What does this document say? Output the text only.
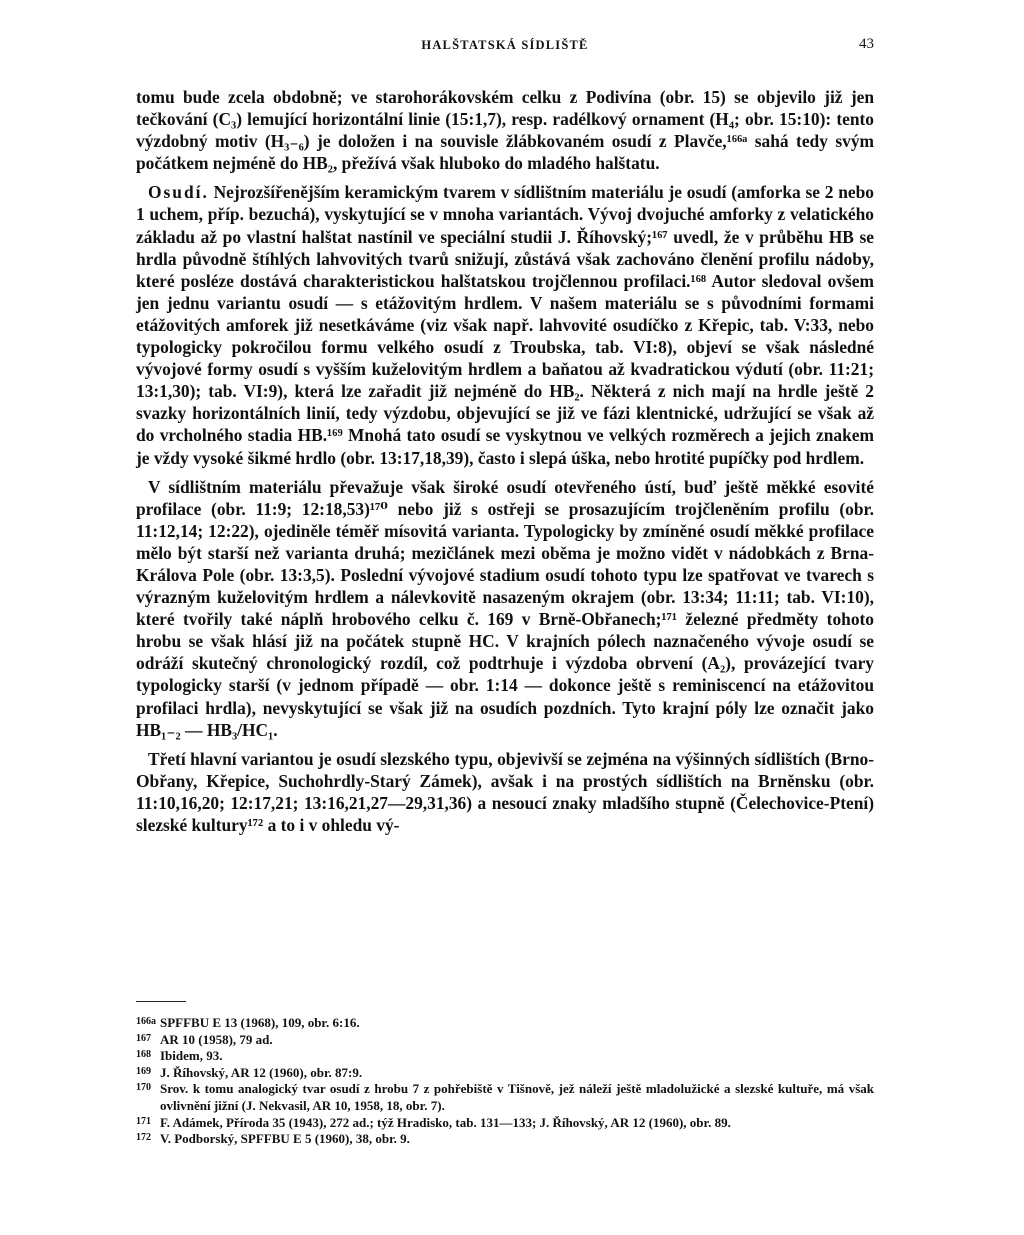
HALŠTATSKÁ SÍDLIŠTĚ	43

tomu bude zcela obdobně; ve starohorákovském celku z Podivína (obr. 15) se objevilo již jen tečkování (C₃) lemující horizontální linie (15:1,7), resp. radélkový ornament (H₄; obr. 15:10): tento výzdobný motiv (H₃₋₆) je doložen i na souvisle žlábkovaném osudí z Plavče,¹⁶⁶ᵃ sahá tedy svým počátkem nejméně do HB₂, přežívá však hluboko do mladého halštatu.

Osudí. Nejrozšířenějším keramickým tvarem v sídlištním materiálu je osudí (amforka se 2 nebo 1 uchem, příp. bezuchá), vyskytující se v mnoha variantách. Vývoj dvojuché amforky z velatického základu až po vlastní halštat nastínil ve speciální studii J. Říhovský;¹⁶⁷ uvedl, že v průběhu HB se hrdla původně štíhlých lahvovitých tvarů snižují, zůstává však zachováno členění profilu nádoby, které posléze dostává charakteristickou halštatskou trojčlennou profilaci.¹⁶⁸ Autor sledoval ovšem jen jednu variantu osudí — s etážovitým hrdlem. V našem materiálu se s původními formami etážovitých amforek již nesetkáváme (viz však např. lahvovité osudíčko z Křepic, tab. V:33, nebo typologicky pokročilou formu velkého osudí z Troubska, tab. VI:8), objeví se však následné vývojové formy osudí s vyšším kuželovitým hrdlem a baňatou až kvadratickou výdutí (obr. 11:21; 13:1,30); tab. VI:9), která lze zařadit již nejméně do HB₂. Některá z nich mají na hrdle ještě 2 svazky horizontálních linií, tedy výzdobu, objevující se již ve fázi klentnické, udržující se však až do vrcholného stadia HB.¹⁶⁹ Mnohá tato osudí se vyskytnou ve velkých rozměrech a jejich znakem je vždy vysoké šikmé hrdlo (obr. 13:17,18,39), často i slepá úška, nebo hrotité pupíčky pod hrdlem.

V sídlištním materiálu převažuje však široké osudí otevřeného ústí, buď ještě měkké esovité profilace (obr. 11:9; 12:18,53)¹⁷⁰ nebo již s ostřeji se prosazujícím trojčleněním profilu (obr. 11:12,14; 12:22), ojediněle téměř mísovitá varianta. Typologicky by zmíněné osudí měkké profilace mělo být starší než varianta druhá; mezičlánek mezi oběma je možno vidět v nádobkách z Brna-Králova Pole (obr. 13:3,5). Poslední vývojové stadium osudí tohoto typu lze spatřovat ve tvarech s výrazným kuželovitým hrdlem a nálevkovitě nasazeným okrajem (obr. 13:34; 11:11; tab. VI:10), které tvořily také náplň hrobového celku č. 169 v Brně-Obřanech;¹⁷¹ železné předměty tohoto hrobu se však hlásí již na počátek stupně HC. V krajních pólech naznačeného vývoje osudí se odráží skutečný chronologický rozdíl, což podtrhuje i výzdoba obrvení (A₂), provázející tvary typologicky starší (v jednom případě — obr. 1:14 — dokonce ještě s reminiscencí na etážovitou profilaci hrdla), nevyskytující se však již na osudích pozdních. Tyto krajní póly lze označit jako HB₁₋₂ — HB₃/HC₁.

Třetí hlavní variantou je osudí slezského typu, objevivší se zejména na výšinných sídlištích (Brno-Obřany, Křepice, Suchohrdly-Starý Zámek), avšak i na prostých sídlištích na Brněnsku (obr. 11:10,16,20; 12:17,21; 13:16,21,27—29,31,36) a nesoucí znaky mladšího stupně (Čelechovice-Ptení) slezské kultury¹⁷² a to i v ohledu vý-

166a SPFFBU E 13 (1968), 109, obr. 6:16.
167 AR 10 (1958), 79 ad.
168 Ibidem, 93.
169 J. Říhovský, AR 12 (1960), obr. 87:9.
170 Srov. k tomu analogický tvar osudí z hrobu 7 z pohřebiště v Tišnově, jež náleží ještě mladolužické a slezské kultuře, má však ovlivnění jižní (J. Nekvasil, AR 10, 1958, 18, obr. 7).
171 F. Adámek, Příroda 35 (1943), 272 ad.; týž Hradisko, tab. 131—133; J. Říhovský, AR 12 (1960), obr. 89.
172 V. Podborský, SPFFBU E 5 (1960), 38, obr. 9.
